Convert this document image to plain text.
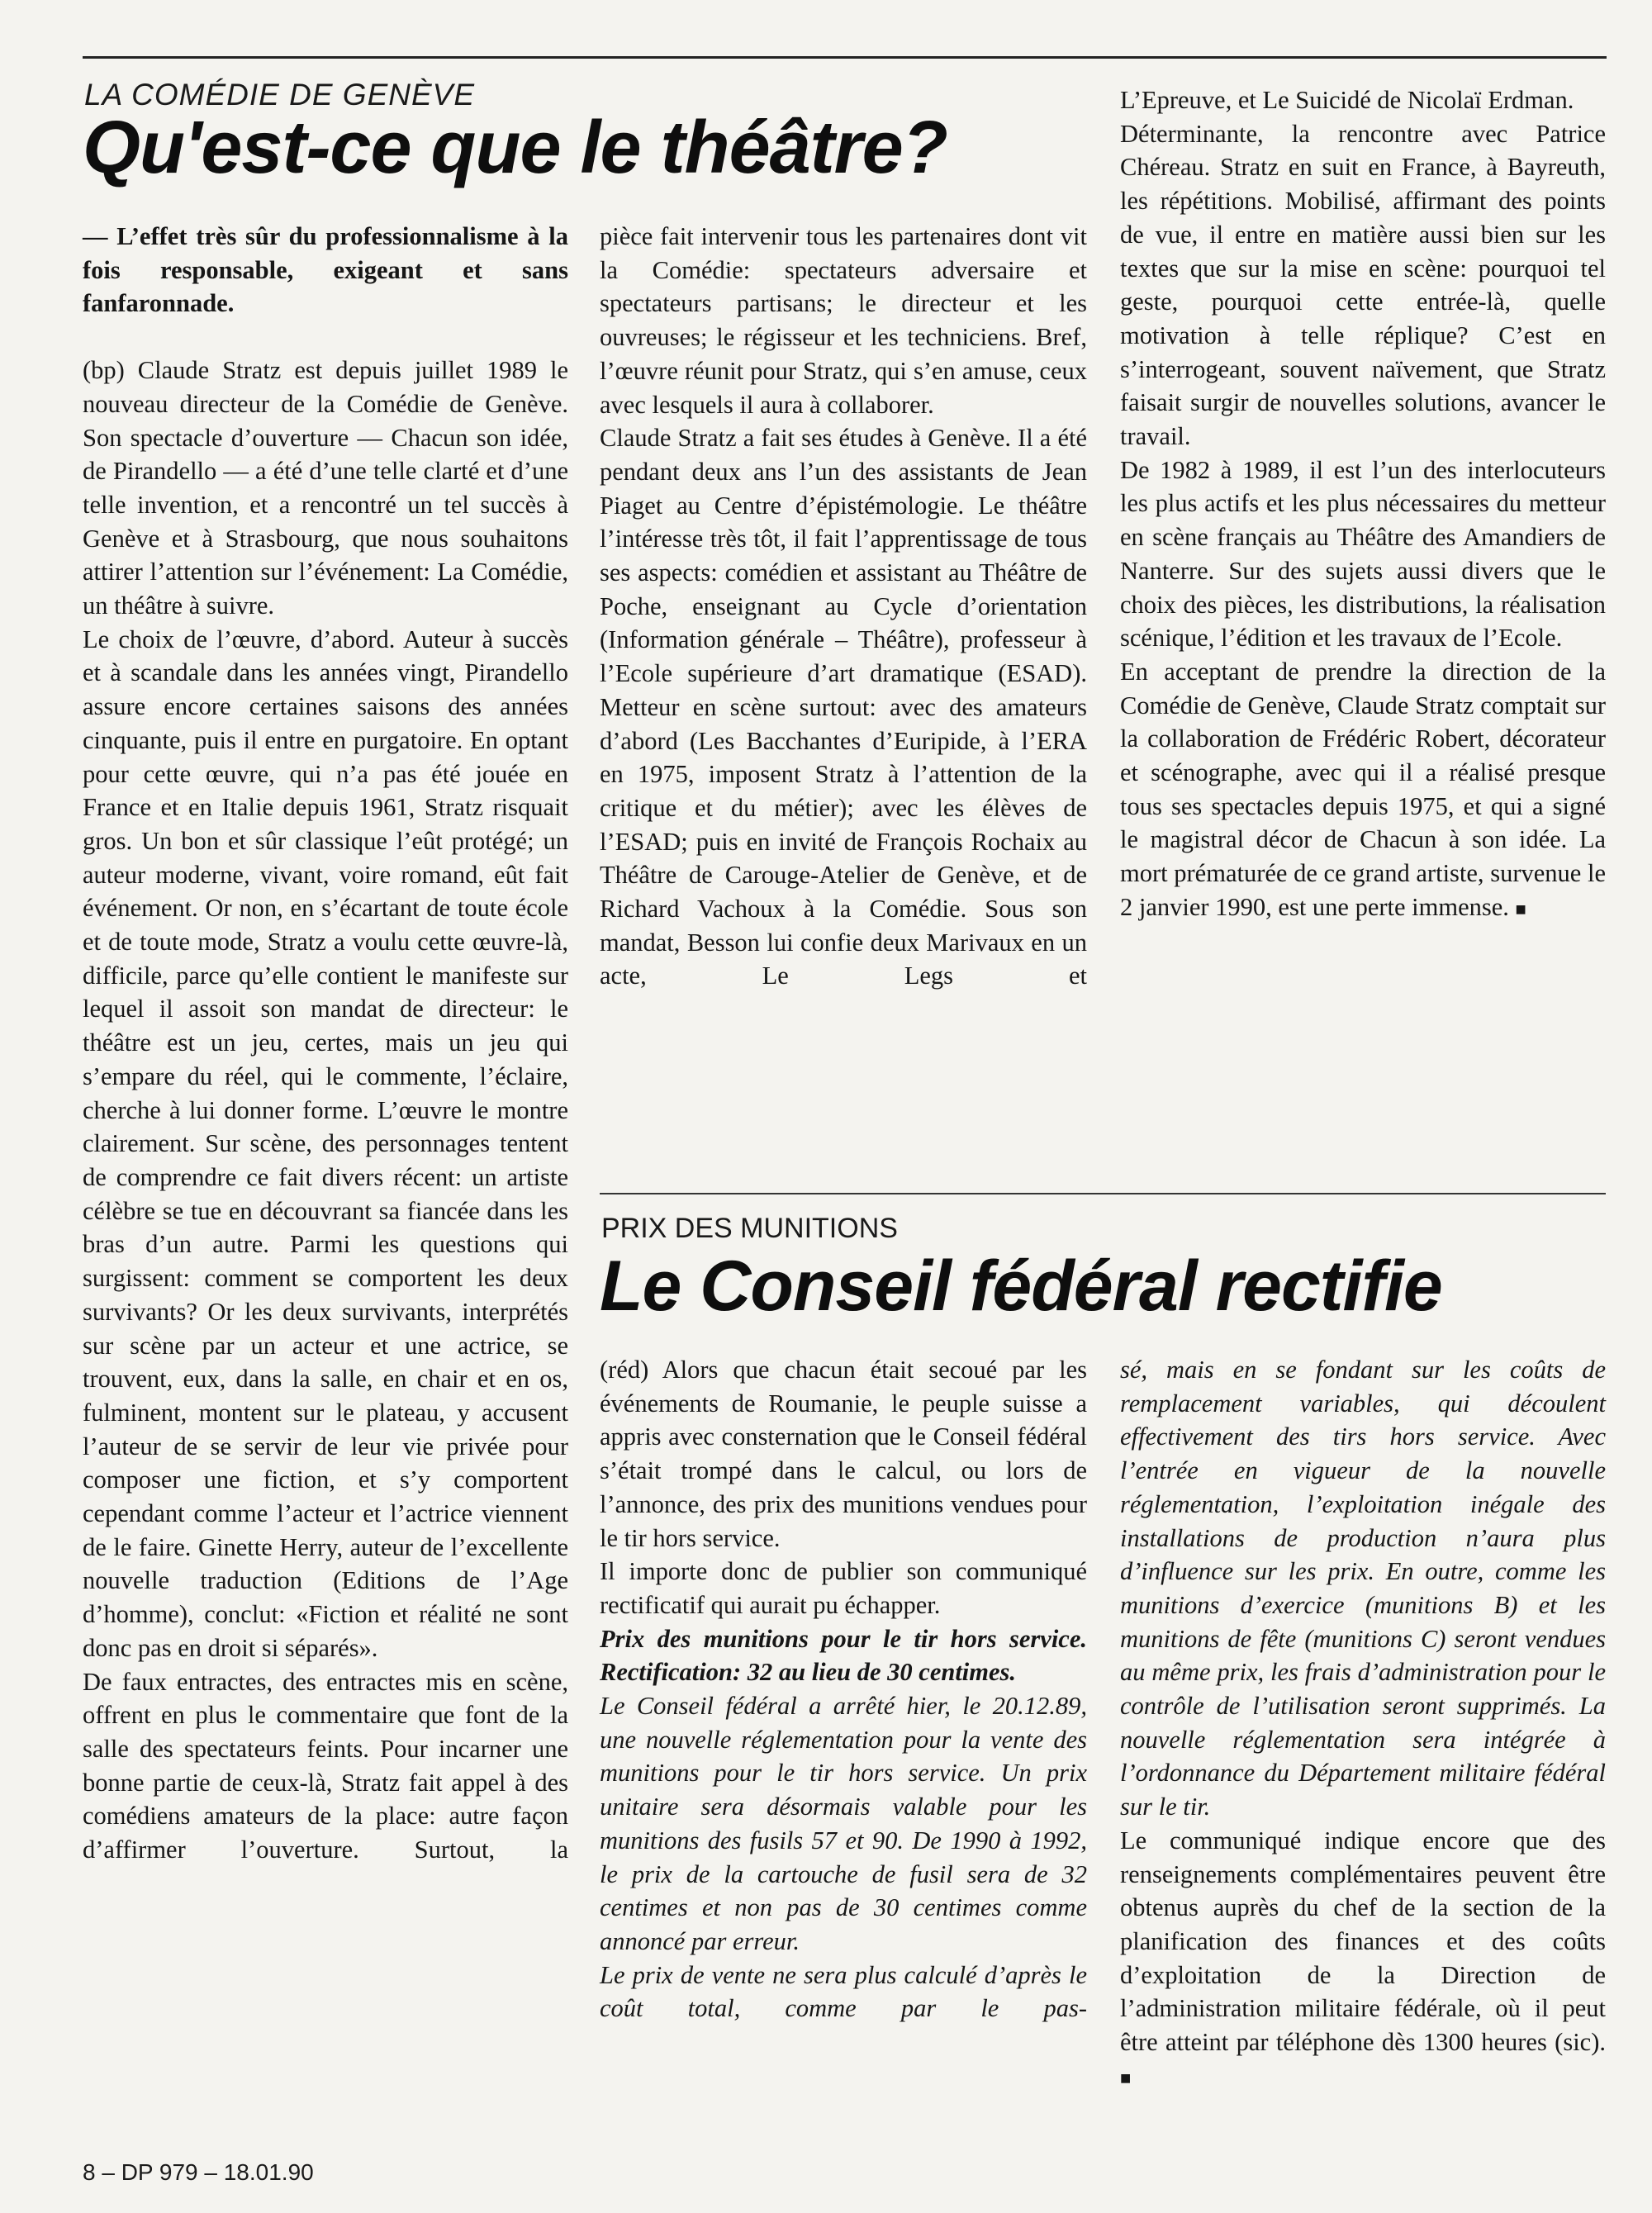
LA COMÉDIE DE GENÈVE
Qu'est-ce que le théâtre?

— L’effet très sûr du professionnalisme à la fois responsable, exigeant et sans fanfaronnade.

(bp) Claude Stratz est depuis juillet 1989 le nouveau directeur de la Comédie de Genève. Son spectacle d’ouverture — Chacun son idée, de Pirandello — a été d’une telle clarté et d’une telle invention, et a rencontré un tel succès à Genève et à Strasbourg, que nous souhaitons attirer l’attention sur l’événement: La Comédie, un théâtre à suivre.

Le choix de l’œuvre, d’abord. Auteur à succès et à scandale dans les années vingt, Pirandello assure encore certaines saisons des années cinquante, puis il entre en purgatoire. En optant pour cette œuvre, qui n’a pas été jouée en France et en Italie depuis 1961, Stratz risquait gros. Un bon et sûr classique l’eût protégé; un auteur moderne, vivant, voire romand, eût fait événement. Or non, en s’écartant de toute école et de toute mode, Stratz a voulu cette œuvre-là, difficile, parce qu’elle contient le manifeste sur lequel il assoit son mandat de directeur: le théâtre est un jeu, certes, mais un jeu qui s’empare du réel, qui le commente, l’éclaire, cherche à lui donner forme. L’œuvre le montre clairement. Sur scène, des personnages tentent de comprendre ce fait divers récent: un artiste célèbre se tue en découvrant sa fiancée dans les bras d’un autre. Parmi les questions qui surgissent: comment se comportent les deux survivants? Or les deux survivants, interprétés sur scène par un acteur et une actrice, se trouvent, eux, dans la salle, en chair et en os, fulminent, montent sur le plateau, y accusent l’auteur de se servir de leur vie privée pour composer une fiction, et s’y comportent cependant comme l’acteur et l’actrice viennent de le faire. Ginette Herry, auteur de l’excellente nouvelle traduction (Editions de l’Age d’homme), conclut: «Fiction et réalité ne sont donc pas en droit si séparés».

De faux entractes, des entractes mis en scène, offrent en plus le commentaire que font de la salle des spectateurs feints. Pour incarner une bonne partie de ceux-là, Stratz fait appel à des comédiens amateurs de la place: autre façon d’affirmer l’ouverture. Surtout, la

pièce fait intervenir tous les partenaires dont vit la Comédie: spectateurs adversaire et spectateurs partisans; le directeur et les ouvreuses; le régisseur et les techniciens. Bref, l’œuvre réunit pour Stratz, qui s’en amuse, ceux avec lesquels il aura à collaborer.

Claude Stratz a fait ses études à Genève. Il a été pendant deux ans l’un des assistants de Jean Piaget au Centre d’épistémologie. Le théâtre l’intéresse très tôt, il fait l’apprentissage de tous ses aspects: comédien et assistant au Théâtre de Poche, enseignant au Cycle d’orientation (Information générale – Théâtre), professeur à l’Ecole supérieure d’art dramatique (ESAD). Metteur en scène surtout: avec des amateurs d’abord (Les Bacchantes d’Euripide, à l’ERA en 1975, imposent Stratz à l’attention de la critique et du métier); avec les élèves de l’ESAD; puis en invité de François Rochaix au Théâtre de Carouge-Atelier de Genève, et de Richard Vachoux à la Comédie. Sous son mandat, Besson lui confie deux Marivaux en un acte, Le Legs et

L’Epreuve, et Le Suicidé de Nicolaï Erdman.

Déterminante, la rencontre avec Patrice Chéreau. Stratz en suit en France, à Bayreuth, les répétitions. Mobilisé, affirmant des points de vue, il entre en matière aussi bien sur les textes que sur la mise en scène: pourquoi tel geste, pourquoi cette entrée-là, quelle motivation à telle réplique? C’est en s’interrogeant, souvent naïvement, que Stratz faisait surgir de nouvelles solutions, avancer le travail.

De 1982 à 1989, il est l’un des interlocuteurs les plus actifs et les plus nécessaires du metteur en scène français au Théâtre des Amandiers de Nanterre. Sur des sujets aussi divers que le choix des pièces, les distributions, la réalisation scénique, l’édition et les travaux de l’Ecole.

En acceptant de prendre la direction de la Comédie de Genève, Claude Stratz comptait sur la collaboration de Frédéric Robert, décorateur et scénographe, avec qui il a réalisé presque tous ses spectacles depuis 1975, et qui a signé le magistral décor de Chacun à son idée. La mort prématurée de ce grand artiste, survenue le 2 janvier 1990, est une perte immense. ■

PRIX DES MUNITIONS
Le Conseil fédéral rectifie

(réd) Alors que chacun était secoué par les événements de Roumanie, le peuple suisse a appris avec consternation que le Conseil fédéral s’était trompé dans le calcul, ou lors de l’annonce, des prix des munitions vendues pour le tir hors service.

Il importe donc de publier son communiqué rectificatif qui aurait pu échapper.

Prix des munitions pour le tir hors service. Rectification: 32 au lieu de 30 centimes.

Le Conseil fédéral a arrêté hier, le 20.12.89, une nouvelle réglementation pour la vente des munitions pour le tir hors service. Un prix unitaire sera désormais valable pour les munitions des fusils 57 et 90. De 1990 à 1992, le prix de la cartouche de fusil sera de 32 centimes et non pas de 30 centimes comme annoncé par erreur.

Le prix de vente ne sera plus calculé d’après le coût total, comme par le pas-

sé, mais en se fondant sur les coûts de remplacement variables, qui découlent effectivement des tirs hors service. Avec l’entrée en vigueur de la nouvelle réglementation, l’exploitation inégale des installations de production n’aura plus d’influence sur les prix. En outre, comme les munitions d’exercice (munitions B) et les munitions de fête (munitions C) seront vendues au même prix, les frais d’administration pour le contrôle de l’utilisation seront supprimés. La nouvelle réglementation sera intégrée à l’ordonnance du Département militaire fédéral sur le tir.

Le communiqué indique encore que des renseignements complémentaires peuvent être obtenus auprès du chef de la section de la planification des finances et des coûts d’exploitation de la Direction de l’administration militaire fédérale, où il peut être atteint par téléphone dès 1300 heures (sic). ■

8 – DP 979 – 18.01.90
